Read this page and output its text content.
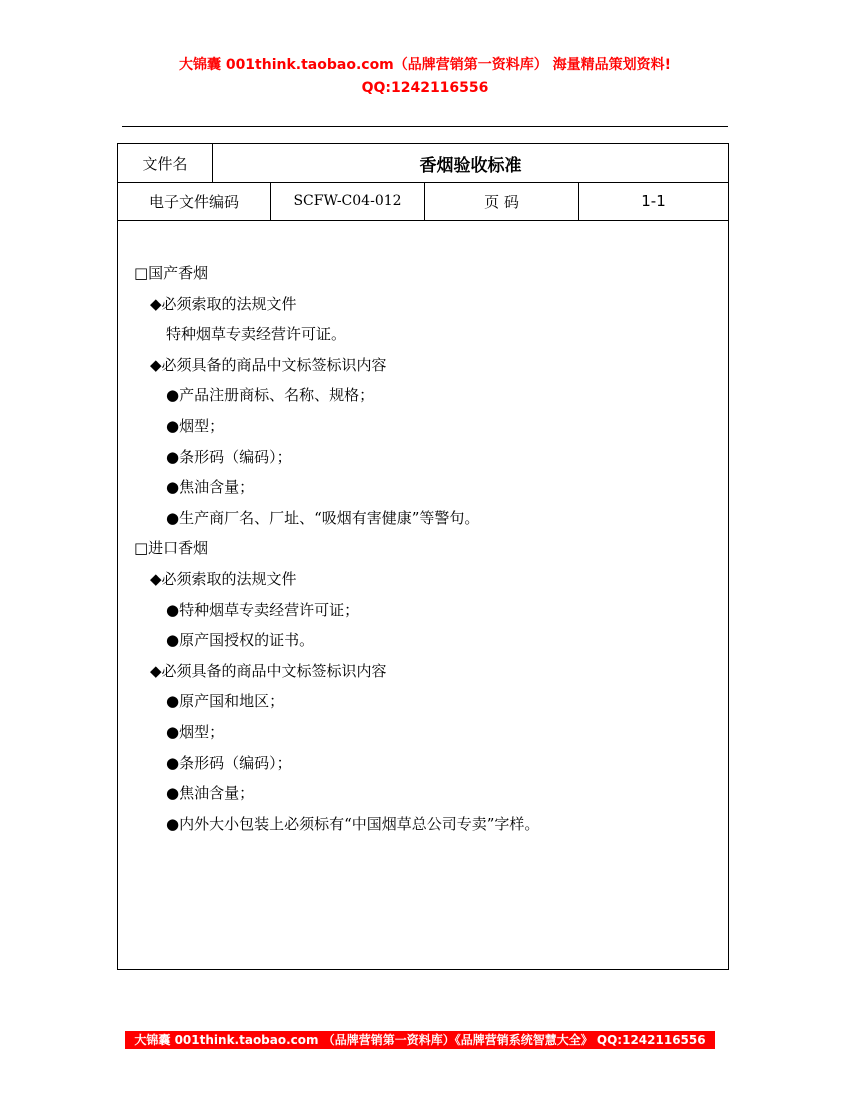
大锦囊 001think.taobao.com（品牌营销第一资料库） 海量精品策划资料!
QQ:1242116556
文件名	香烟验收标准
电子文件编码	SCFW-C04-012	页 码	1-1
□国产香烟
◆必须索取的法规文件
特种烟草专卖经营许可证。
◆必须具备的商品中文标签标识内容
●产品注册商标、名称、规格；
●烟型；
●条形码（编码）；
●焦油含量；
●生产商厂名、厂址、“吸烟有害健康”等警句。
□进口香烟
◆必须索取的法规文件
●特种烟草专卖经营许可证；
●原产国授权的证书。
◆必须具备的商品中文标签标识内容
●原产国和地区；
●烟型；
●条形码（编码）；
●焦油含量；
●内外大小包装上必须标有“中国烟草总公司专卖”字样。
大锦囊 001think.taobao.com （品牌营销第一资料库）《品牌营销系统智慧大全》 QQ:1242116556
